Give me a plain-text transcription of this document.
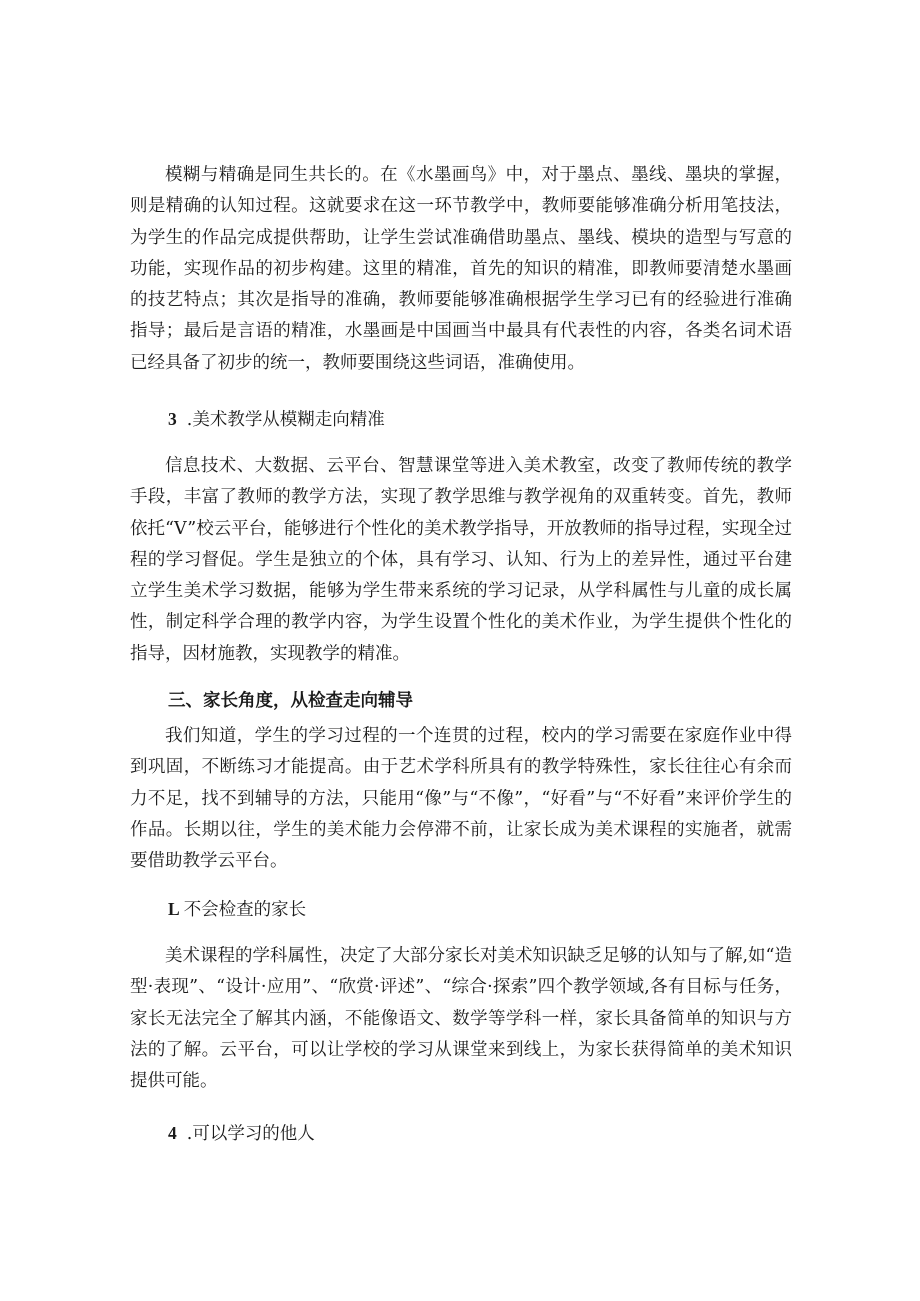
模糊与精确是同生共长的。在《水墨画鸟》中，对于墨点、墨线、墨块的掌握，则是精确的认知过程。这就要求在这一环节教学中，教师要能够准确分析用笔技法，为学生的作品完成提供帮助，让学生尝试准确借助墨点、墨线、模块的造型与写意的功能，实现作品的初步构建。这里的精准，首先的知识的精准，即教师要清楚水墨画的技艺特点；其次是指导的准确，教师要能够准确根据学生学习已有的经验进行准确指导；最后是言语的精准，水墨画是中国画当中最具有代表性的内容，各类名词术语已经具备了初步的统一，教师要围绕这些词语，准确使用。

3 .美术教学从模糊走向精准

信息技术、大数据、云平台、智慧课堂等进入美术教室，改变了教师传统的教学手段，丰富了教师的教学方法，实现了教学思维与教学视角的双重转变。首先，教师依托“V”校云平台，能够进行个性化的美术教学指导，开放教师的指导过程，实现全过程的学习督促。学生是独立的个体，具有学习、认知、行为上的差异性，通过平台建立学生美术学习数据，能够为学生带来系统的学习记录，从学科属性与儿童的成长属性，制定科学合理的教学内容，为学生设置个性化的美术作业，为学生提供个性化的指导，因材施教，实现教学的精准。

三、家长角度，从检查走向辅导

我们知道，学生的学习过程的一个连贯的过程，校内的学习需要在家庭作业中得到巩固，不断练习才能提高。由于艺术学科所具有的教学特殊性，家长往往心有余而力不足，找不到辅导的方法，只能用“像”与“不像”，“好看”与“不好看”来评价学生的作品。长期以往，学生的美术能力会停滞不前，让家长成为美术课程的实施者，就需要借助教学云平台。

L 不会检查的家长

美术课程的学科属性，决定了大部分家长对美术知识缺乏足够的认知与了解,如“造型·表现”、“设计·应用”、“欣赏·评述”、“综合·探索”四个教学领域,各有目标与任务，家长无法完全了解其内涵，不能像语文、数学等学科一样，家长具备简单的知识与方法的了解。云平台，可以让学校的学习从课堂来到线上，为家长获得简单的美术知识提供可能。

4 .可以学习的他人
